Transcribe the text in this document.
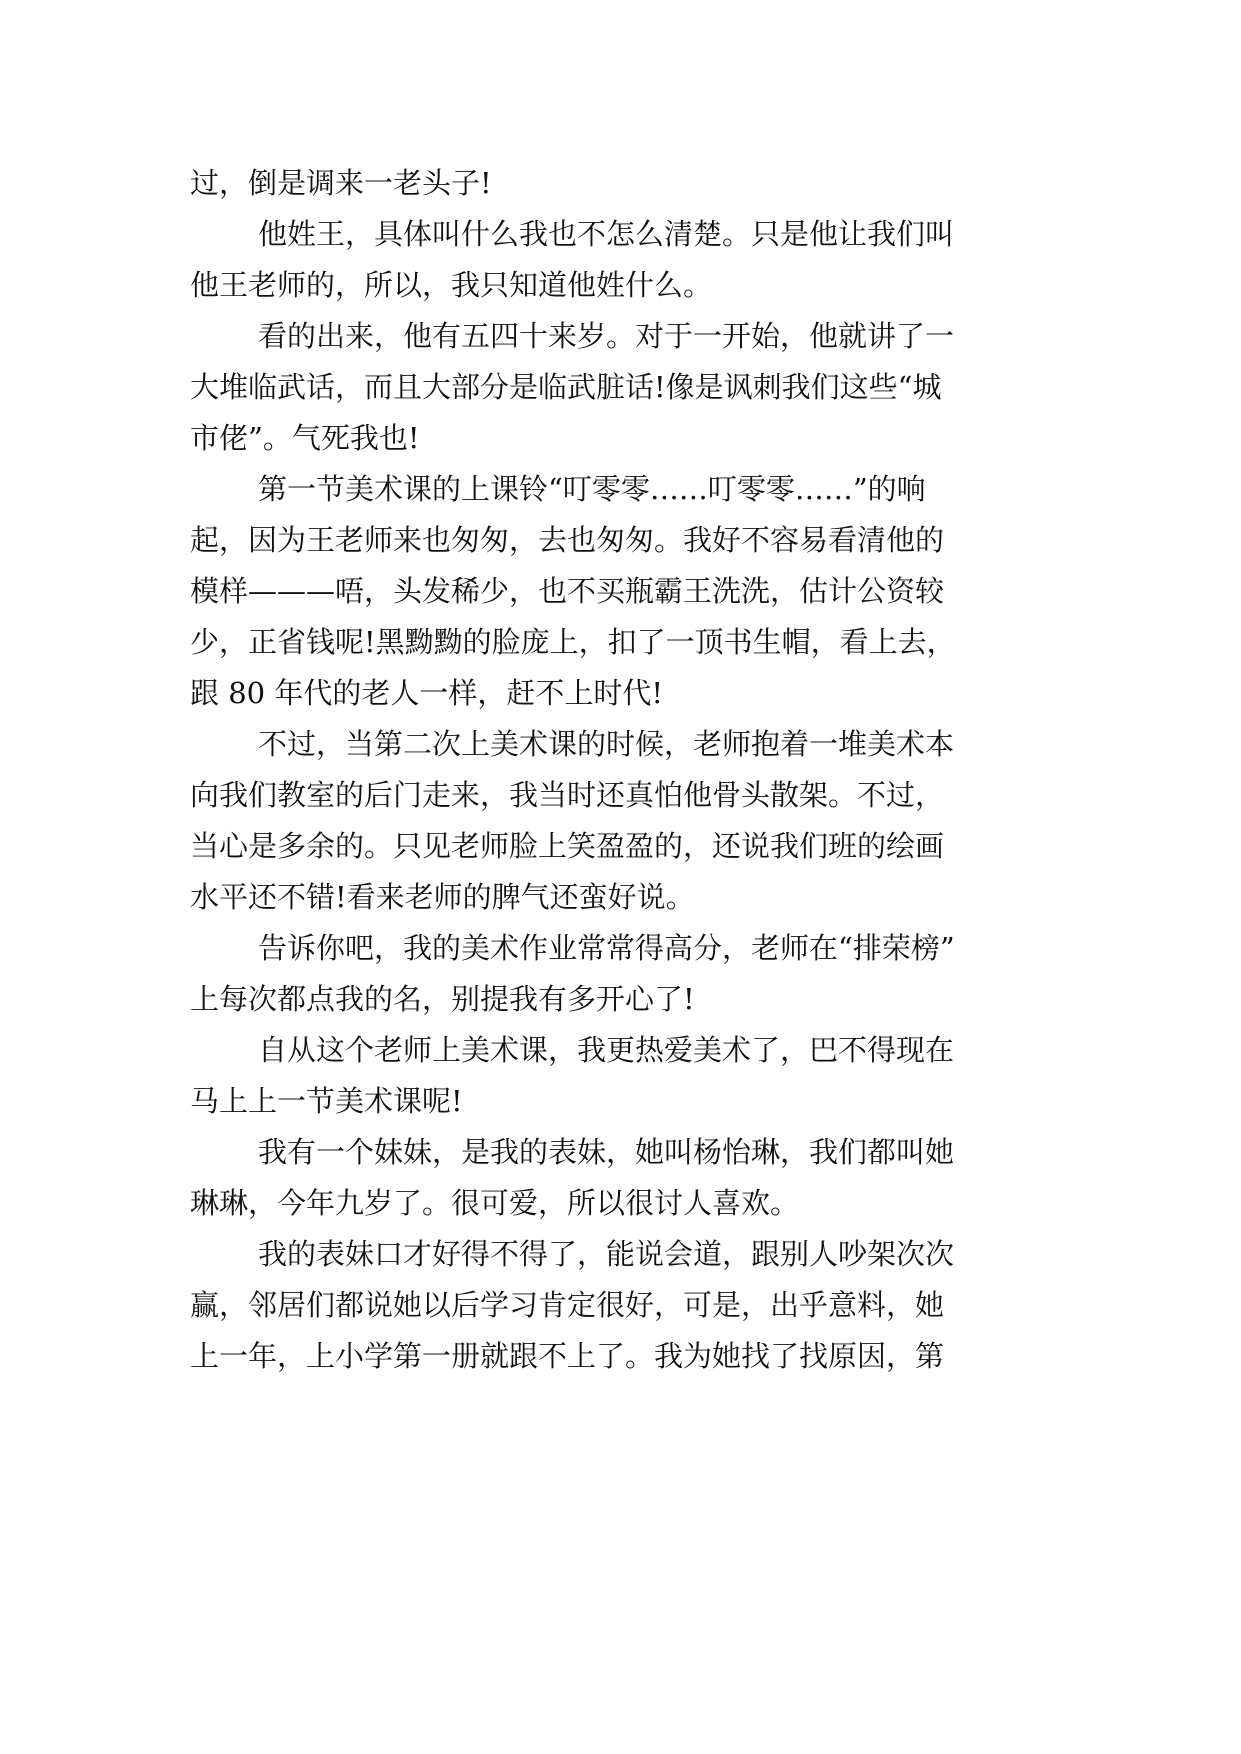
过，倒是调来一老头子!
他姓王，具体叫什么我也不怎么清楚。只是他让我们叫
他王老师的，所以，我只知道他姓什么。
看的出来，他有五四十来岁。对于一开始，他就讲了一
大堆临武话，而且大部分是临武脏话!像是讽刺我们这些“城
市佬”。气死我也!
第一节美术课的上课铃“叮零零……叮零零……”的响
起，因为王老师来也匆匆，去也匆匆。我好不容易看清他的
模样———唔，头发稀少，也不买瓶霸王洗洗，估计公资较
少，正省钱呢!黑黝黝的脸庞上，扣了一顶书生帽，看上去，
跟 80 年代的老人一样，赶不上时代!
不过，当第二次上美术课的时候，老师抱着一堆美术本
向我们教室的后门走来，我当时还真怕他骨头散架。不过，
当心是多余的。只见老师脸上笑盈盈的，还说我们班的绘画
水平还不错!看来老师的脾气还蛮好说。
告诉你吧，我的美术作业常常得高分，老师在“排荣榜”
上每次都点我的名，别提我有多开心了!
自从这个老师上美术课，我更热爱美术了，巴不得现在
马上上一节美术课呢!
我有一个妹妹，是我的表妹，她叫杨怡琳，我们都叫她
琳琳，今年九岁了。很可爱，所以很讨人喜欢。
我的表妹口才好得不得了，能说会道，跟别人吵架次次
赢，邻居们都说她以后学习肯定很好，可是，出乎意料，她
上一年，上小学第一册就跟不上了。我为她找了找原因，第
